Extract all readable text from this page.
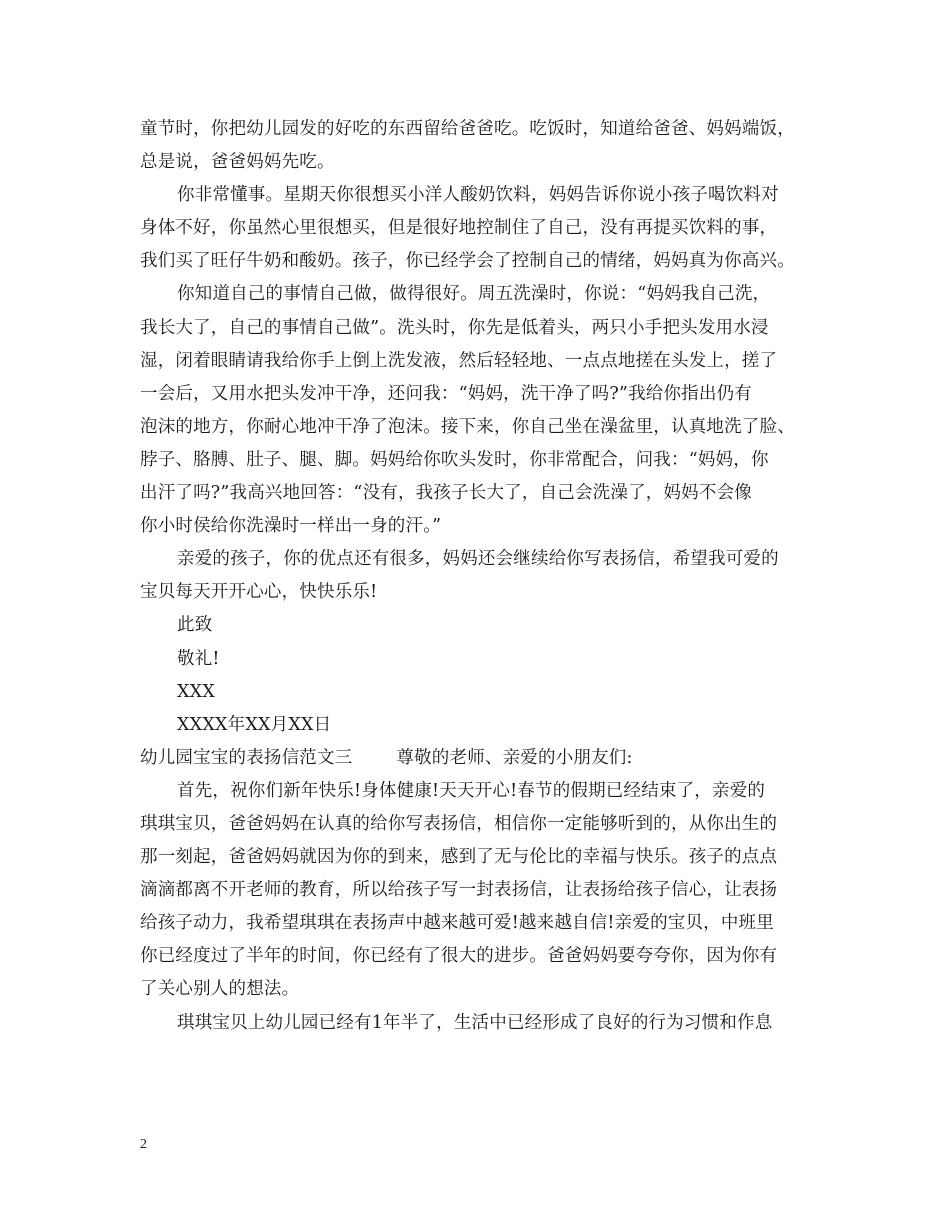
童节时，你把幼儿园发的好吃的东西留给爸爸吃。吃饭时，知道给爸爸、妈妈端饭，
总是说，爸爸妈妈先吃。
你非常懂事。星期天你很想买小洋人酸奶饮料，妈妈告诉你说小孩子喝饮料对
身体不好，你虽然心里很想买，但是很好地控制住了自己，没有再提买饮料的事，
我们买了旺仔牛奶和酸奶。孩子，你已经学会了控制自己的情绪，妈妈真为你高兴。
你知道自己的事情自己做，做得很好。周五洗澡时，你说：“妈妈我自己洗，
我长大了，自己的事情自己做”。洗头时，你先是低着头，两只小手把头发用水浸
湿，闭着眼睛请我给你手上倒上洗发液，然后轻轻地、一点点地搓在头发上，搓了
一会后，又用水把头发冲干净，还问我：“妈妈，洗干净了吗?”我给你指出仍有
泡沫的地方，你耐心地冲干净了泡沫。接下来，你自己坐在澡盆里，认真地洗了脸、
脖子、胳膊、肚子、腿、脚。妈妈给你吹头发时，你非常配合，问我：“妈妈，你
出汗了吗?”我高兴地回答：“没有，我孩子长大了，自己会洗澡了，妈妈不会像
你小时侯给你洗澡时一样出一身的汗。”
亲爱的孩子，你的优点还有很多，妈妈还会继续给你写表扬信，希望我可爱的
宝贝每天开开心心，快快乐乐!
此致
敬礼!
XXX
XXXX年XX月XX日
幼儿园宝宝的表扬信范文三	尊敬的老师、亲爱的小朋友们:
首先，祝你们新年快乐!身体健康!天天开心!春节的假期已经结束了，亲爱的
琪琪宝贝，爸爸妈妈在认真的给你写表扬信，相信你一定能够听到的，从你出生的
那一刻起，爸爸妈妈就因为你的到来，感到了无与伦比的幸福与快乐。孩子的点点
滴滴都离不开老师的教育，所以给孩子写一封表扬信，让表扬给孩子信心，让表扬
给孩子动力，我希望琪琪在表扬声中越来越可爱!越来越自信!亲爱的宝贝，中班里
你已经度过了半年的时间，你已经有了很大的进步。爸爸妈妈要夸夸你，因为你有
了关心别人的想法。
琪琪宝贝上幼儿园已经有1年半了，生活中已经形成了良好的行为习惯和作息
2
